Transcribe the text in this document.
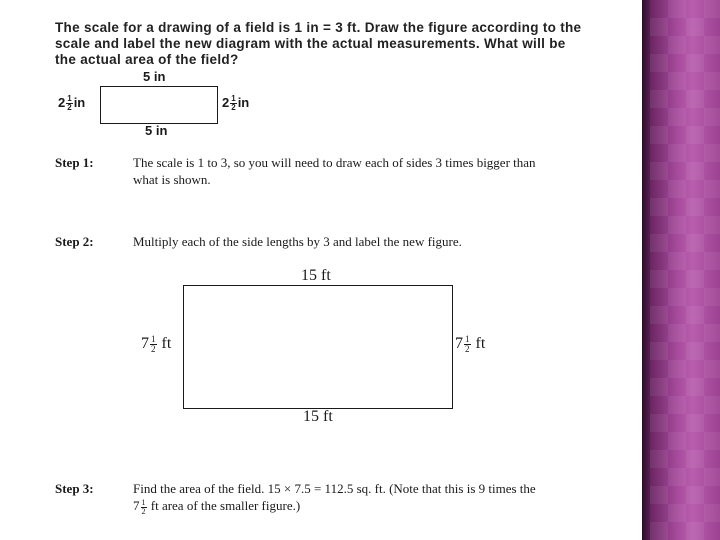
The scale for a drawing of a field is 1 in = 3 ft. Draw the figure according to the
scale and label the new diagram with the actual measurements. What will be
the actual area of the field?
5 in
5 in
$2 \frac{1}{2}$ in	$2 \frac{1}{2}$ in
Step 1:	The scale is 1 to 3, so you will need to draw each of sides 3 times bigger than
what is shown.
Step 2:	Multiply each of the side lengths by 3 and label the new figure.
15 ft
15 ft
$7 \frac{1}{2}$ ft	$7 \frac{1}{2}$ ft
Step 3:	Find the area of the field. 15 × 7.5 = 112.5 sq. ft. (Note that this is 9 times the
$7 \frac{1}{2}$ ft area of the smaller figure.)
